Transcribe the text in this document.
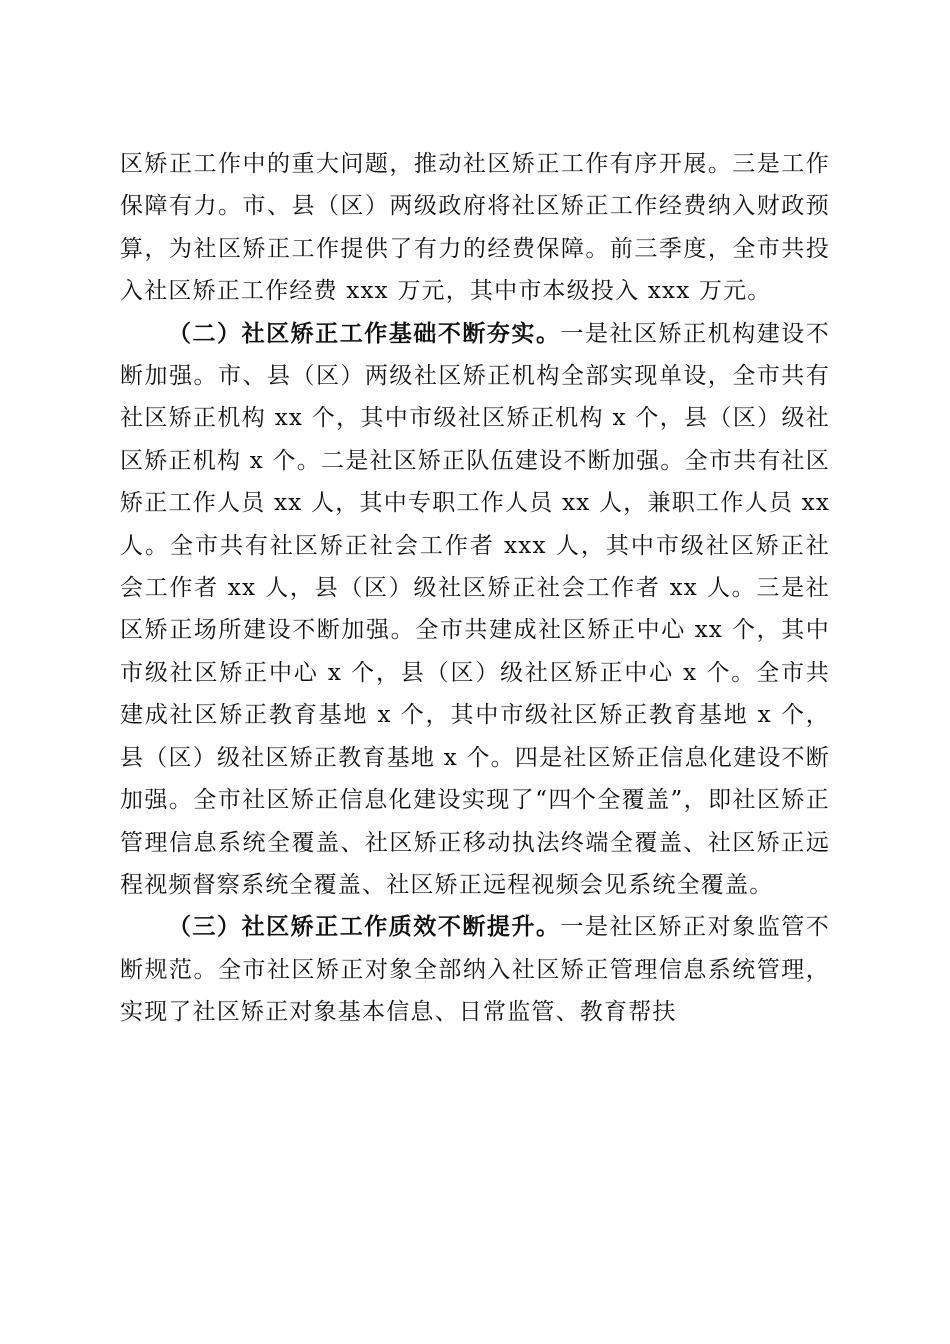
区矫正工作中的重大问题，推动社区矫正工作有序开展。三是工作保障有力。市、县（区）两级政府将社区矫正工作经费纳入财政预算，为社区矫正工作提供了有力的经费保障。前三季度，全市共投入社区矫正工作经费 xxx 万元，其中市本级投入 xxx 万元。

（二）社区矫正工作基础不断夯实。一是社区矫正机构建设不断加强。市、县（区）两级社区矫正机构全部实现单设，全市共有社区矫正机构 xx 个，其中市级社区矫正机构 x 个，县（区）级社区矫正机构 x 个。二是社区矫正队伍建设不断加强。全市共有社区矫正工作人员 xx 人，其中专职工作人员 xx 人，兼职工作人员 xx 人。全市共有社区矫正社会工作者 xxx 人，其中市级社区矫正社会工作者 xx 人，县（区）级社区矫正社会工作者 xx 人。三是社区矫正场所建设不断加强。全市共建成社区矫正中心 xx 个，其中市级社区矫正中心 x 个，县（区）级社区矫正中心 x 个。全市共建成社区矫正教育基地 x 个，其中市级社区矫正教育基地 x 个，县（区）级社区矫正教育基地 x 个。四是社区矫正信息化建设不断加强。全市社区矫正信息化建设实现了“四个全覆盖”，即社区矫正管理信息系统全覆盖、社区矫正移动执法终端全覆盖、社区矫正远程视频督察系统全覆盖、社区矫正远程视频会见系统全覆盖。

（三）社区矫正工作质效不断提升。一是社区矫正对象监管不断规范。全市社区矫正对象全部纳入社区矫正管理信息系统管理，实现了社区矫正对象基本信息、日常监管、教育帮扶
